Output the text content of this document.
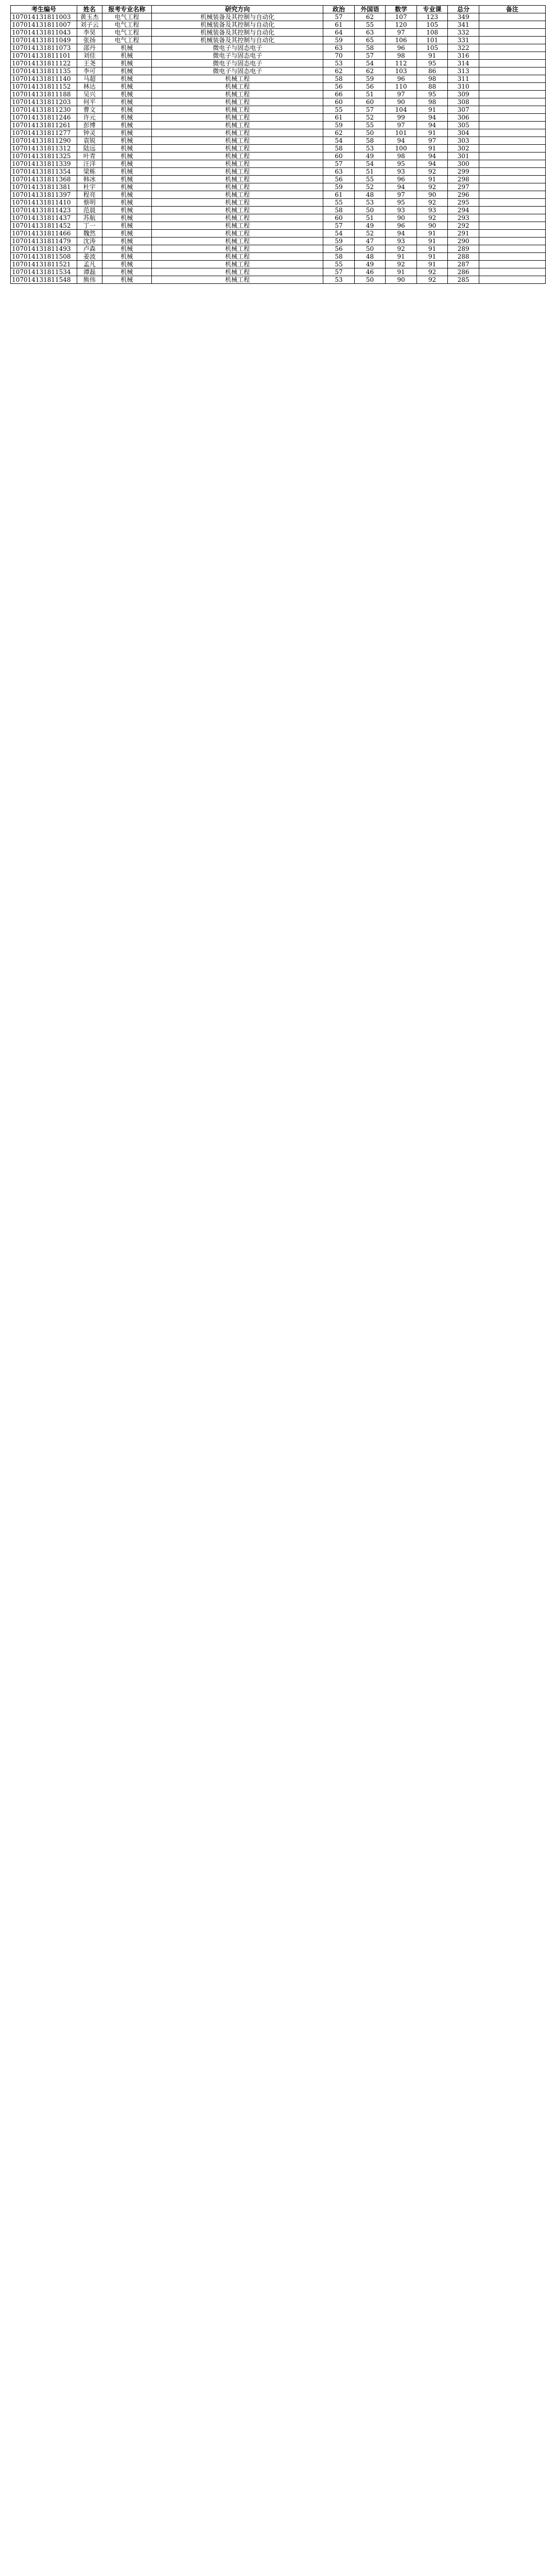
考生编号	姓名	报考专业名称	研究方向	政治	外国语	数学	专业课	总分	备注
107014131811003	黄玉杰	电气工程	机械装备及其控制与自动化	57	62	107	123	349	
107014131811007	刘子云	电气工程	机械装备及其控制与自动化	61	55	120	105	341	
107014131811043	李昊	电气工程	机械装备及其控制与自动化	64	63	97	108	332	
107014131811049	张扬	电气工程	机械装备及其控制与自动化	59	65	106	101	331	
107014131811073	邵丹	机械	微电子与固态电子	63	58	96	105	322	
107014131811101	刘佳	机械	微电子与固态电子	70	57	98	91	316	
107014131811122	王尧	机械	微电子与固态电子	53	54	112	95	314	
107014131811135	李可	机械	微电子与固态电子	62	62	103	86	313	
107014131811140	马超	机械	机械工程	58	59	96	98	311	
107014131811152	林达	机械	机械工程	56	56	110	88	310	
107014131811188	吴兴	机械	机械工程	66	51	97	95	309	
107014131811203	何平	机械	机械工程	60	60	90	98	308	
107014131811230	曹文	机械	机械工程	55	57	104	91	307	
107014131811246	许元	机械	机械工程	61	52	99	94	306	
107014131811261	彭博	机械	机械工程	59	55	97	94	305	
107014131811277	钟灵	机械	机械工程	62	50	101	91	304	
107014131811290	袁锐	机械	机械工程	54	58	94	97	303	
107014131811312	陆远	机械	机械工程	58	53	100	91	302	
107014131811325	叶青	机械	机械工程	60	49	98	94	301	
107014131811339	汪洋	机械	机械工程	57	54	95	94	300	
107014131811354	梁栋	机械	机械工程	63	51	93	92	299	
107014131811368	韩冰	机械	机械工程	56	55	96	91	298	
107014131811381	杜宇	机械	机械工程	59	52	94	92	297	
107014131811397	程亮	机械	机械工程	61	48	97	90	296	
107014131811410	蔡明	机械	机械工程	55	53	95	92	295	
107014131811423	范晨	机械	机械工程	58	50	93	93	294	
107014131811437	苏航	机械	机械工程	60	51	90	92	293	
107014131811452	丁一	机械	机械工程	57	49	96	90	292	
107014131811466	魏然	机械	机械工程	54	52	94	91	291	
107014131811479	沈涛	机械	机械工程	59	47	93	91	290	
107014131811493	卢森	机械	机械工程	56	50	92	91	289	
107014131811508	姜波	机械	机械工程	58	48	91	91	288	
107014131811521	孟凡	机械	机械工程	55	49	92	91	287	
107014131811534	谭磊	机械	机械工程	57	46	91	92	286	
107014131811548	熊伟	机械	机械工程	53	50	90	92	285	
